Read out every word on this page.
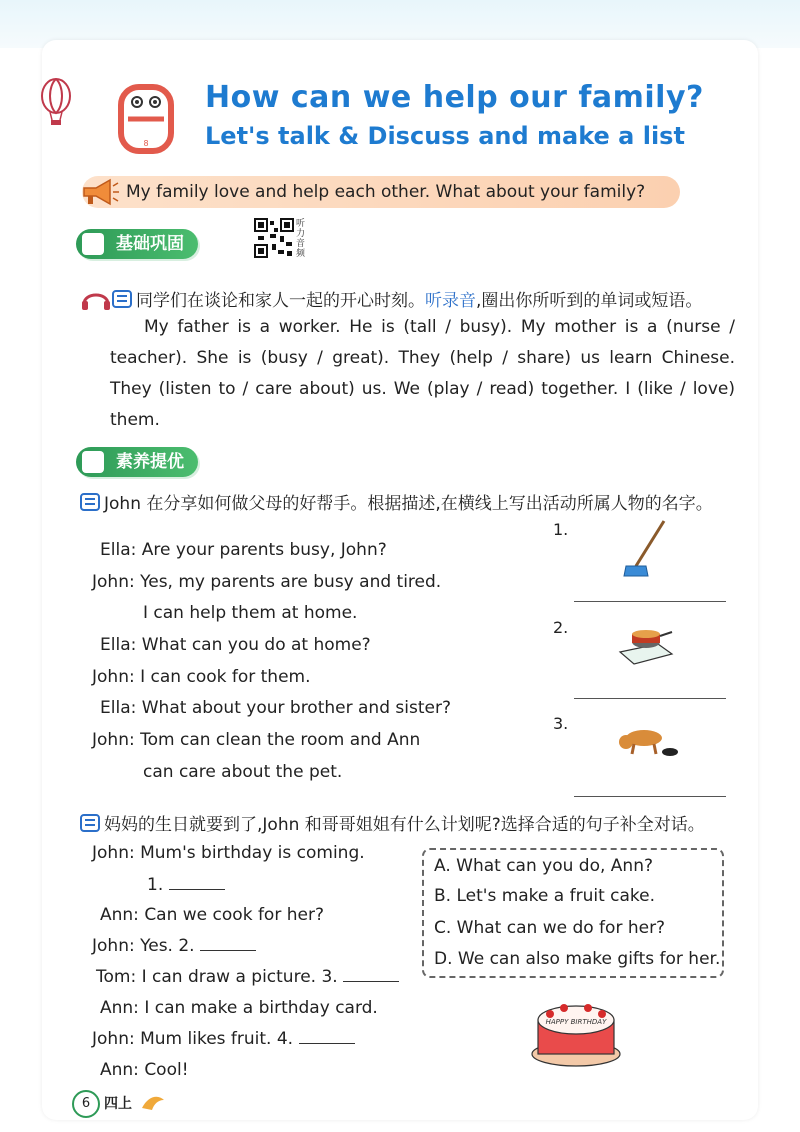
8
How can we help our family?
Let's talk & Discuss and make a list
My family love and help each other. What about your family?
基础巩固
听力音频
同学们在谈论和家人一起的开心时刻。听录音,圈出你所听到的单词或短语。

My father is a worker. He is (tall / busy). My mother is a (nurse / teacher). She is (busy / great). They (help / share) us learn Chinese. They (listen to / care about) us. We (play / read) together. I (like / love) them.

素养提优
John 在分享如何做父母的好帮手。根据描述,在横线上写出活动所属人物的名字。
Ella: Are your parents busy, John?
John: Yes, my parents are busy and tired.
I can help them at home.
Ella: What can you do at home?
John: I can cook for them.
Ella: What about your brother and sister?
John: Tom can clean the room and Ann
can care about the pet.
1.
2.
3.
妈妈的生日就要到了,John 和哥哥姐姐有什么计划呢?选择合适的句子补全对话。
John: Mum's birthday is coming.
1.
Ann: Can we cook for her?
John: Yes. 2.
Tom: I can draw a picture. 3.
Ann: I can make a birthday card.
John: Mum likes fruit. 4.
Ann: Cool!
A. What can you do, Ann?
B. Let's make a fruit cake.
C. What can we do for her?
D. We can also make gifts for her.
HAPPY BIRTHDAY
6 四上
